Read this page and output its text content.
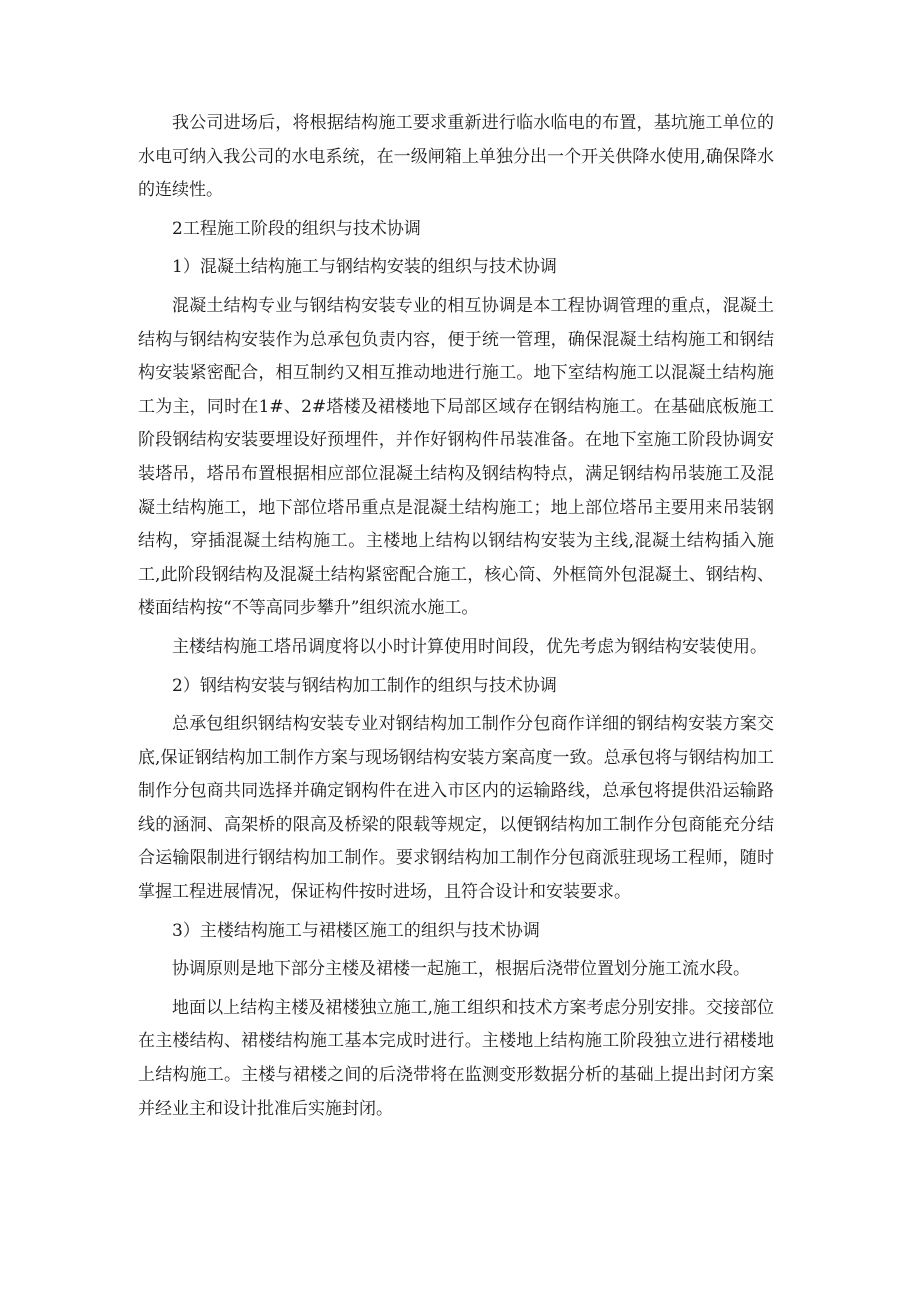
我公司进场后，将根据结构施工要求重新进行临水临电的布置，基坑施工单位的水电可纳入我公司的水电系统，在一级闸箱上单独分出一个开关供降水使用,确保降水的连续性。

2工程施工阶段的组织与技术协调

1）混凝土结构施工与钢结构安装的组织与技术协调

混凝土结构专业与钢结构安装专业的相互协调是本工程协调管理的重点，混凝土结构与钢结构安装作为总承包负责内容，便于统一管理，确保混凝土结构施工和钢结构安装紧密配合，相互制约又相互推动地进行施工。地下室结构施工以混凝土结构施工为主，同时在1#、2#塔楼及裙楼地下局部区域存在钢结构施工。在基础底板施工阶段钢结构安装要埋设好预埋件，并作好钢构件吊装准备。在地下室施工阶段协调安装塔吊，塔吊布置根据相应部位混凝土结构及钢结构特点，满足钢结构吊装施工及混凝土结构施工，地下部位塔吊重点是混凝土结构施工；地上部位塔吊主要用来吊装钢结构，穿插混凝土结构施工。主楼地上结构以钢结构安装为主线,混凝土结构插入施工,此阶段钢结构及混凝土结构紧密配合施工，核心筒、外框筒外包混凝土、钢结构、楼面结构按“不等高同步攀升”组织流水施工。

主楼结构施工塔吊调度将以小时计算使用时间段，优先考虑为钢结构安装使用。

2）钢结构安装与钢结构加工制作的组织与技术协调

总承包组织钢结构安装专业对钢结构加工制作分包商作详细的钢结构安装方案交底,保证钢结构加工制作方案与现场钢结构安装方案高度一致。总承包将与钢结构加工制作分包商共同选择并确定钢构件在进入市区内的运输路线，总承包将提供沿运输路线的涵洞、高架桥的限高及桥梁的限载等规定，以便钢结构加工制作分包商能充分结合运输限制进行钢结构加工制作。要求钢结构加工制作分包商派驻现场工程师，随时掌握工程进展情况，保证构件按时进场，且符合设计和安装要求。

3）主楼结构施工与裙楼区施工的组织与技术协调

协调原则是地下部分主楼及裙楼一起施工，根据后浇带位置划分施工流水段。

地面以上结构主楼及裙楼独立施工,施工组织和技术方案考虑分别安排。交接部位在主楼结构、裙楼结构施工基本完成时进行。主楼地上结构施工阶段独立进行裙楼地上结构施工。主楼与裙楼之间的后浇带将在监测变形数据分析的基础上提出封闭方案并经业主和设计批准后实施封闭。
